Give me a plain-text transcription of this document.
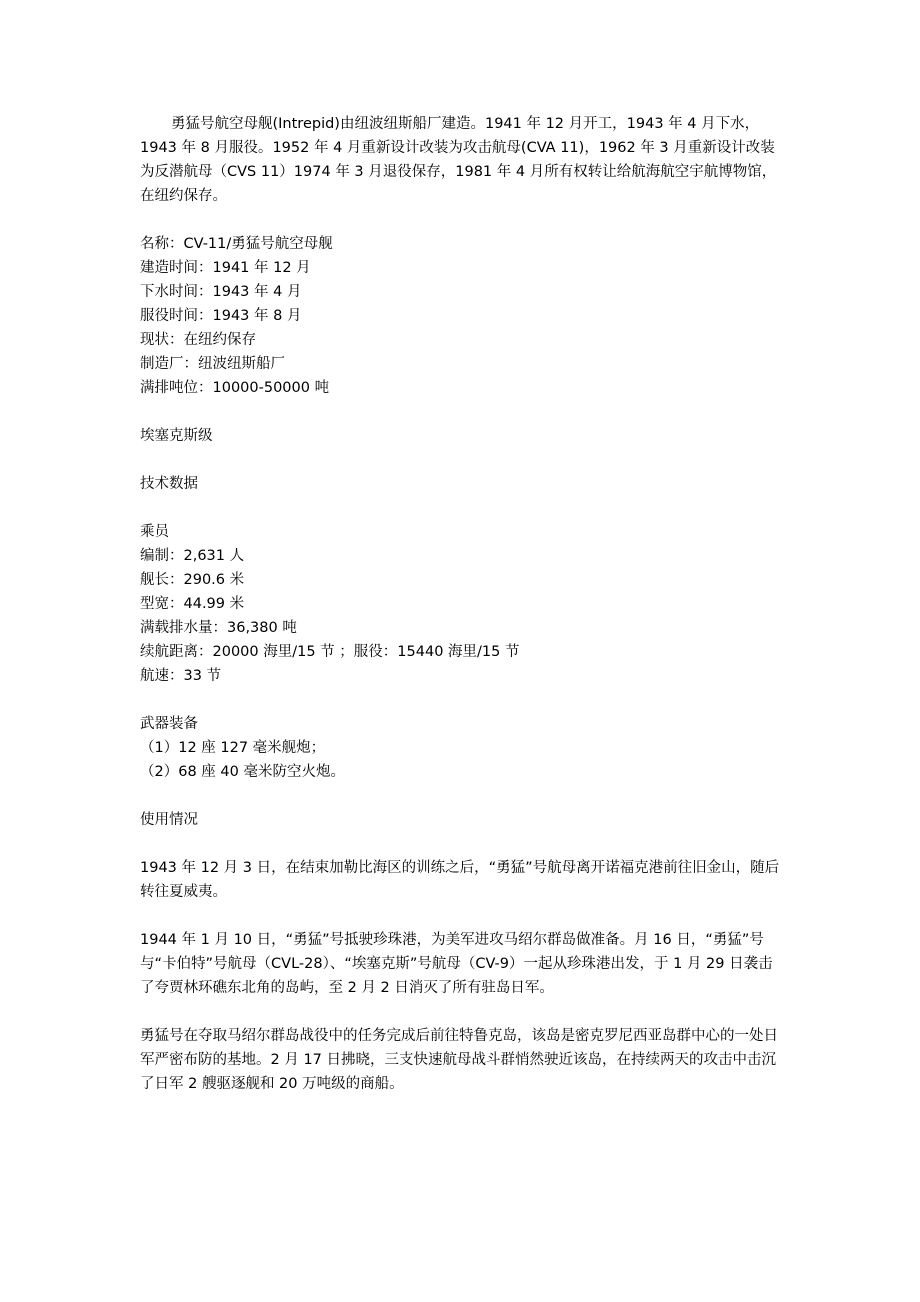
勇猛号航空母舰(Intrepid)由纽波纽斯船厂建造。1941 年 12 月开工，1943 年 4 月下水，1943 年 8 月服役。1952 年 4 月重新设计改装为攻击航母(CVA 11)，1962 年 3 月重新设计改装为反潜航母（CVS 11）1974 年 3 月退役保存，1981 年 4 月所有权转让给航海航空宇航博物馆，在纽约保存。

名称：CV-11/勇猛号航空母舰
建造时间：1941 年 12 月
下水时间：1943 年 4 月
服役时间：1943 年 8 月
现状：在纽约保存
制造厂：纽波纽斯船厂
满排吨位：10000-50000 吨
埃塞克斯级
技术数据
乘员
编制：2,631 人
舰长：290.6 米
型宽：44.99 米
满载排水量：36,380 吨
续航距离：20000 海里/15 节 ；服役：15440 海里/15 节
航速：33 节
武器装备
（1）12 座 127 毫米舰炮；
（2）68 座 40 毫米防空火炮。
使用情况

1943 年 12 月 3 日，在结束加勒比海区的训练之后，“勇猛”号航母离开诺福克港前往旧金山，随后转往夏威夷。

1944 年 1 月 10 日，“勇猛”号抵驶珍珠港，为美军进攻马绍尔群岛做准备。月 16 日，“勇猛”号与“卡伯特”号航母（CVL-28）、“埃塞克斯”号航母（CV-9）一起从珍珠港出发，于 1 月 29 日袭击了夸贾林环礁东北角的岛屿，至 2 月 2 日消灭了所有驻岛日军。

勇猛号在夺取马绍尔群岛战役中的任务完成后前往特鲁克岛，该岛是密克罗尼西亚岛群中心的一处日军严密布防的基地。2 月 17 日拂晓，三支快速航母战斗群悄然驶近该岛，在持续两天的攻击中击沉了日军 2 艘驱逐舰和 20 万吨级的商船。
